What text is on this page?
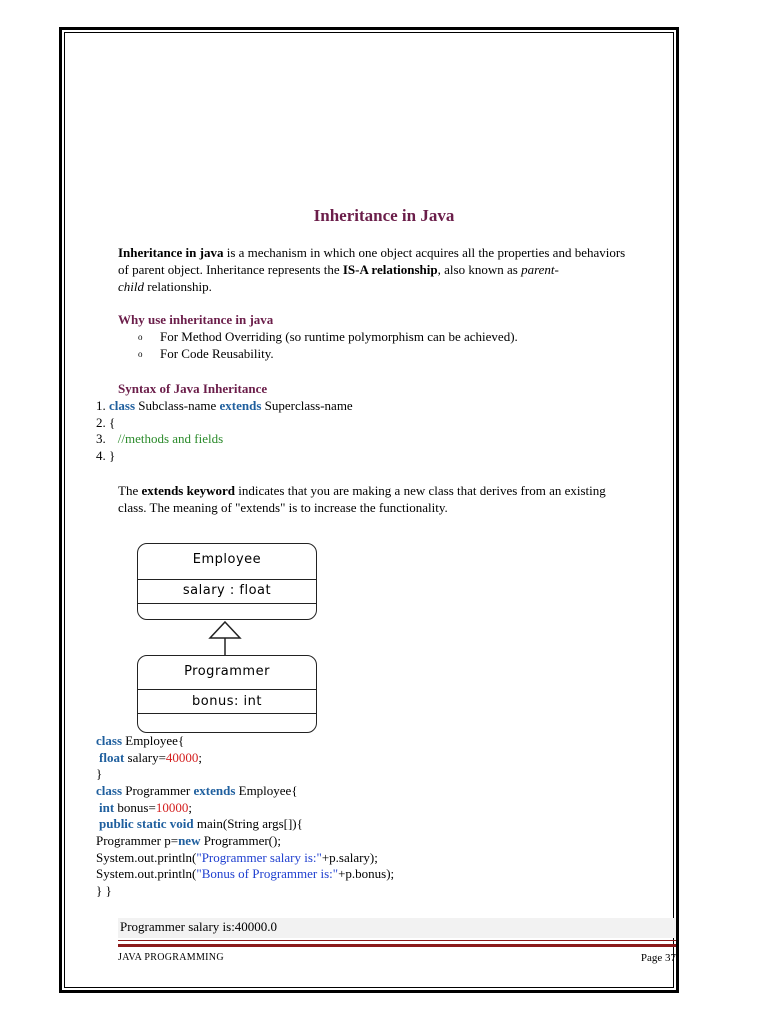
Inheritance in Java
Inheritance in java is a mechanism in which one object acquires all the properties and behaviors
of parent object. Inheritance represents the IS-A relationship, also known as parent-
child relationship.
Why use inheritance in java
o For Method Overriding (so runtime polymorphism can be achieved).
o For Code Reusability.
Syntax of Java Inheritance
1. class Subclass-name extends Superclass-name
2. {
3. //methods and fields
4. }
The extends keyword indicates that you are making a new class that derives from an existing
class. The meaning of "extends" is to increase the functionality.
Employee
salary : float
Programmer
bonus: int
class Employee{
float salary=40000;
}
class Programmer extends Employee{
int bonus=10000;
public static void main(String args[]){
Programmer p=new Programmer();
System.out.println("Programmer salary is:"+p.salary);
System.out.println("Bonus of Programmer is:"+p.bonus);
} }
Programmer salary is:40000.0
JAVA PROGRAMMING	Page 37
